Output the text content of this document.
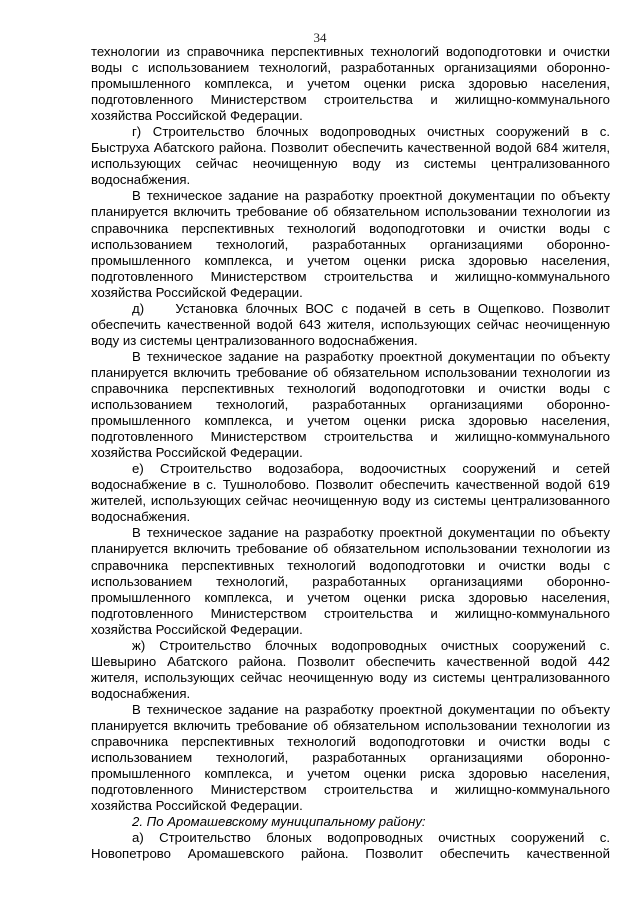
34

технологии из справочника перспективных технологий водоподготовки и очистки воды с использованием технологий, разработанных организациями оборонно-промышленного комплекса, и учетом оценки риска здоровью населения, подготовленного Министерством строительства и жилищно-коммунального хозяйства Российской Федерации.

г) Строительство блочных водопроводных очистных сооружений в с. Быструха Абатского района. Позволит обеспечить качественной водой 684 жителя, использующих сейчас неочищенную воду из системы централизованного водоснабжения.

В техническое задание на разработку проектной документации по объекту планируется включить требование об обязательном использовании технологии из справочника перспективных технологий водоподготовки и очистки воды с использованием технологий, разработанных организациями оборонно-промышленного комплекса, и учетом оценки риска здоровью населения, подготовленного Министерством строительства и жилищно-коммунального хозяйства Российской Федерации.

д)    Установка блочных ВОС с подачей в сеть в Ощепково. Позволит обеспечить качественной водой 643 жителя, использующих сейчас неочищенную воду из системы централизованного водоснабжения.

В техническое задание на разработку проектной документации по объекту планируется включить требование об обязательном использовании технологии из справочника перспективных технологий водоподготовки и очистки воды с использованием технологий, разработанных организациями оборонно-промышленного комплекса, и учетом оценки риска здоровью населения, подготовленного Министерством строительства и жилищно-коммунального хозяйства Российской Федерации.

е) Строительство водозабора, водоочистных сооружений и сетей водоснабжение в с. Тушнолобово. Позволит обеспечить качественной водой 619 жителей, использующих сейчас неочищенную воду из системы централизованного водоснабжения.

В техническое задание на разработку проектной документации по объекту планируется включить требование об обязательном использовании технологии из справочника перспективных технологий водоподготовки и очистки воды с использованием технологий, разработанных организациями оборонно-промышленного комплекса, и учетом оценки риска здоровью населения, подготовленного Министерством строительства и жилищно-коммунального хозяйства Российской Федерации.

ж) Строительство блочных водопроводных очистных сооружений с. Шевырино Абатского района. Позволит обеспечить качественной водой 442 жителя, использующих сейчас неочищенную воду из системы централизованного водоснабжения.

В техническое задание на разработку проектной документации по объекту планируется включить требование об обязательном использовании технологии из справочника перспективных технологий водоподготовки и очистки воды с использованием технологий, разработанных организациями оборонно-промышленного комплекса, и учетом оценки риска здоровью населения, подготовленного Министерством строительства и жилищно-коммунального хозяйства Российской Федерации.

2. По Аромашевскому муниципальному району:

а) Строительство блоных водопроводных очистных сооружений с. Новопетрово Аромашевского района. Позволит обеспечить качественной
